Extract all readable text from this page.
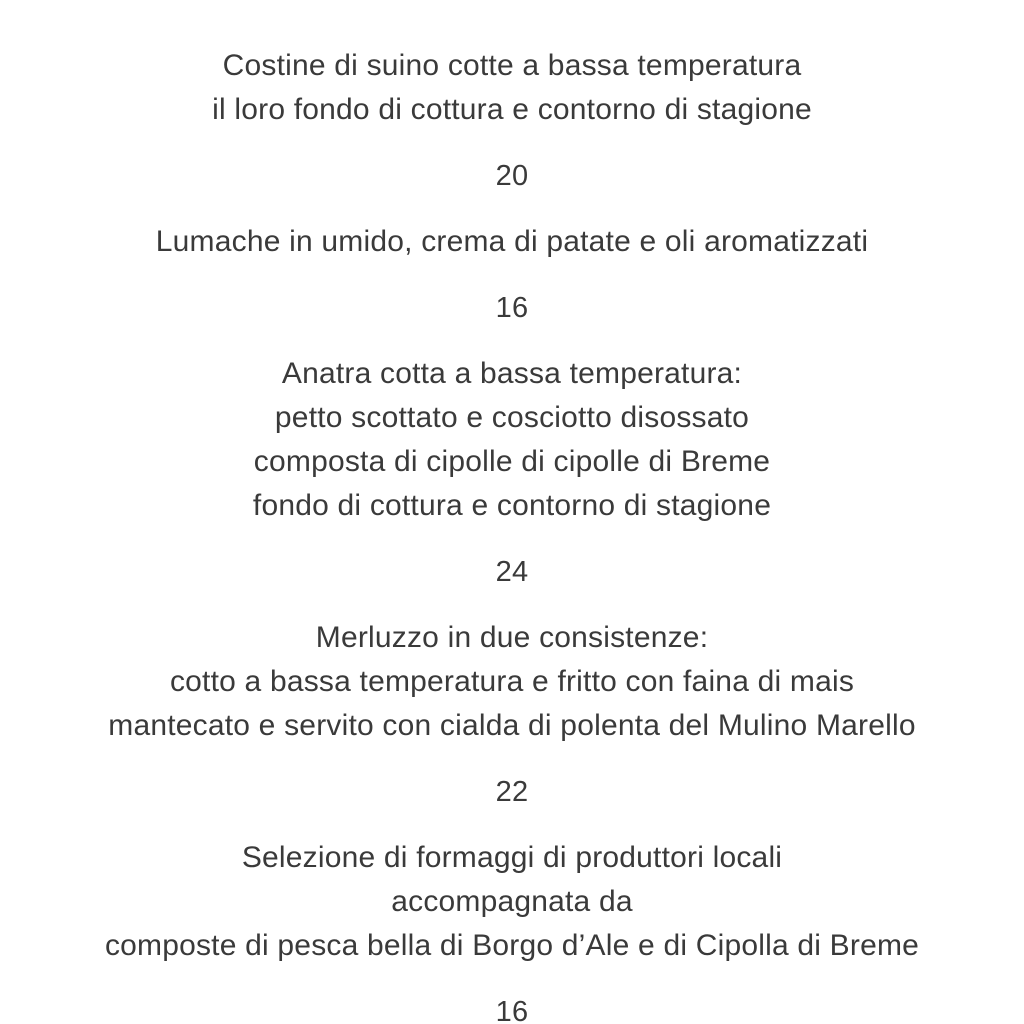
Costine di suino cotte a bassa temperatura
il loro fondo di cottura e contorno di stagione

20

Lumache in umido, crema di patate e oli aromatizzati

16

Anatra cotta a bassa temperatura:
petto scottato e cosciotto disossato
composta di cipolle di cipolle di Breme
fondo di cottura e contorno di stagione

24

Merluzzo in due consistenze:
cotto a bassa temperatura e fritto con faina di mais
mantecato e servito con cialda di polenta del Mulino Marello

22

Selezione di formaggi di produttori locali
accompagnata da
composte di pesca bella di Borgo d’Ale e di Cipolla di Breme

16
